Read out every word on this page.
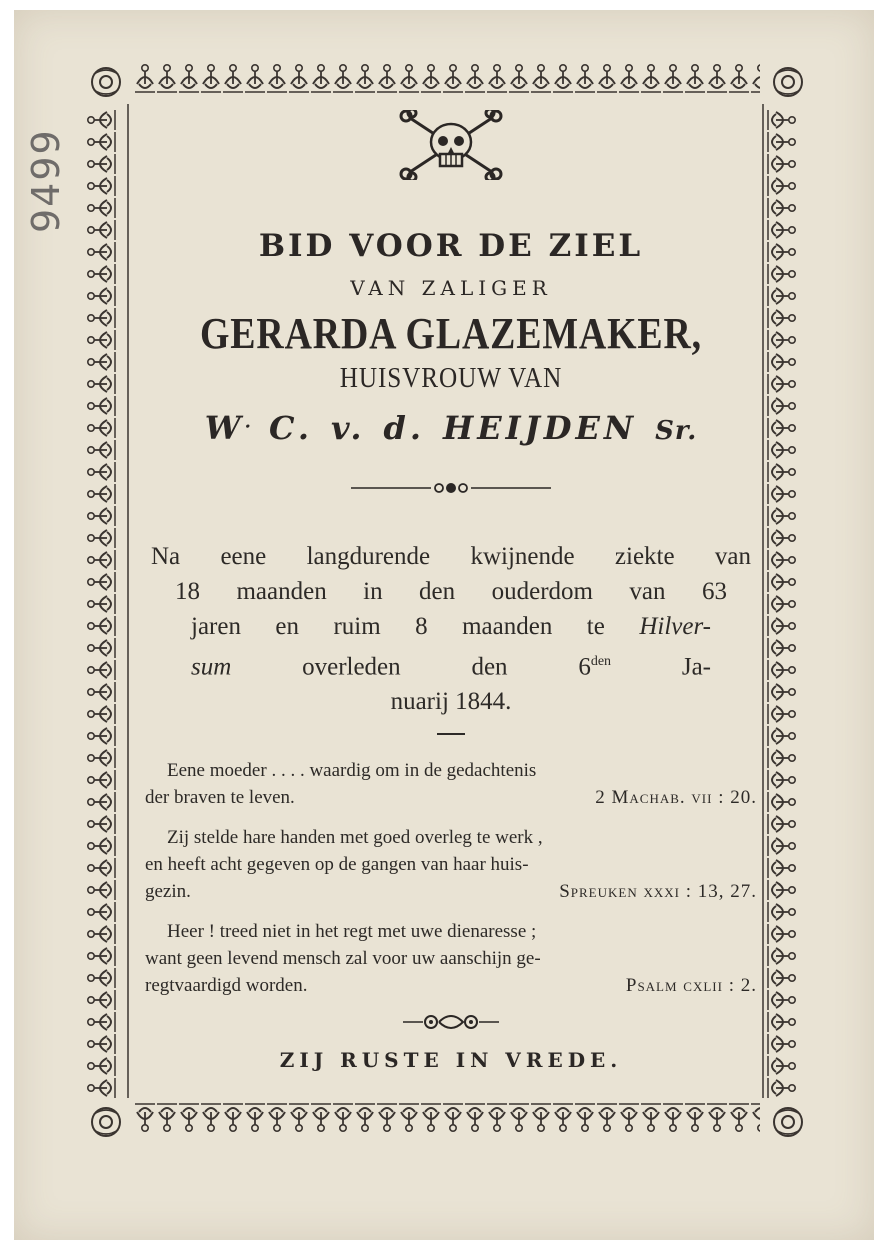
9499
BID VOOR DE ZIEL
VAN ZALIGER
GERARDA GLAZEMAKER,
HUISVROUW VAN
W. C. v. d. HEIJDEN Sr.
Na eene langdurende kwijnende ziekte van
18 maanden in den ouderdom van 63
jaren en ruim 8 maanden te Hilver-
sum	overleden den $6^{den}$	Ja-
nuarij 1844.
Eene moeder . . . . waardig om in de gedachtenis
der braven te leven.	2 Machab. vii : 20.
Zij stelde hare handen met goed overleg te werk ,
en heeft acht gegeven op de gangen van haar huis-
gezin.	Spreuken xxxi : 13, 27.
Heer ! treed niet in het regt met uwe dienaresse ;
want geen levend mensch zal voor uw aanschijn ge-
regtvaardigd worden.	Psalm cxlii : 2.
ZIJ RUSTE IN VREDE.
